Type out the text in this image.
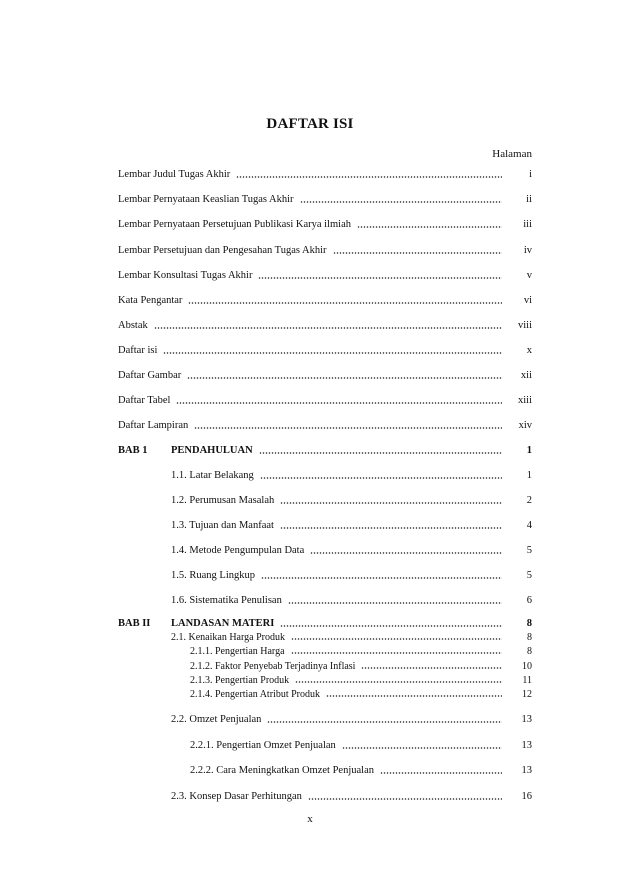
DAFTAR ISI
Halaman
Lembar Judul Tugas Akhir	i
Lembar Pernyataan Keaslian Tugas Akhir	ii
Lembar Pernyataan Persetujuan Publikasi Karya ilmiah	iii
Lembar Persetujuan dan Pengesahan Tugas Akhir	iv
Lembar Konsultasi Tugas Akhir	v
Kata Pengantar	vi
Abstak	viii
Daftar isi	x
Daftar Gambar	xii
Daftar Tabel	xiii
Daftar Lampiran	xiv
BAB 1	PENDAHULUAN	1
1.1. Latar Belakang	1
1.2. Perumusan Masalah	2
1.3. Tujuan dan Manfaat	4
1.4. Metode Pengumpulan Data	5
1.5. Ruang Lingkup	5
1.6. Sistematika Penulisan	6
BAB II	LANDASAN MATERI	8
2.1. Kenaikan Harga Produk	8
2.1.1. Pengertian Harga	8
2.1.2. Faktor Penyebab Terjadinya Inflasi	10
2.1.3. Pengertian Produk	11
2.1.4. Pengertian Atribut Produk	12
2.2. Omzet Penjualan	13
2.2.1. Pengertian Omzet Penjualan	13
2.2.2. Cara Meningkatkan Omzet Penjualan	13
2.3. Konsep Dasar Perhitungan	16
x
